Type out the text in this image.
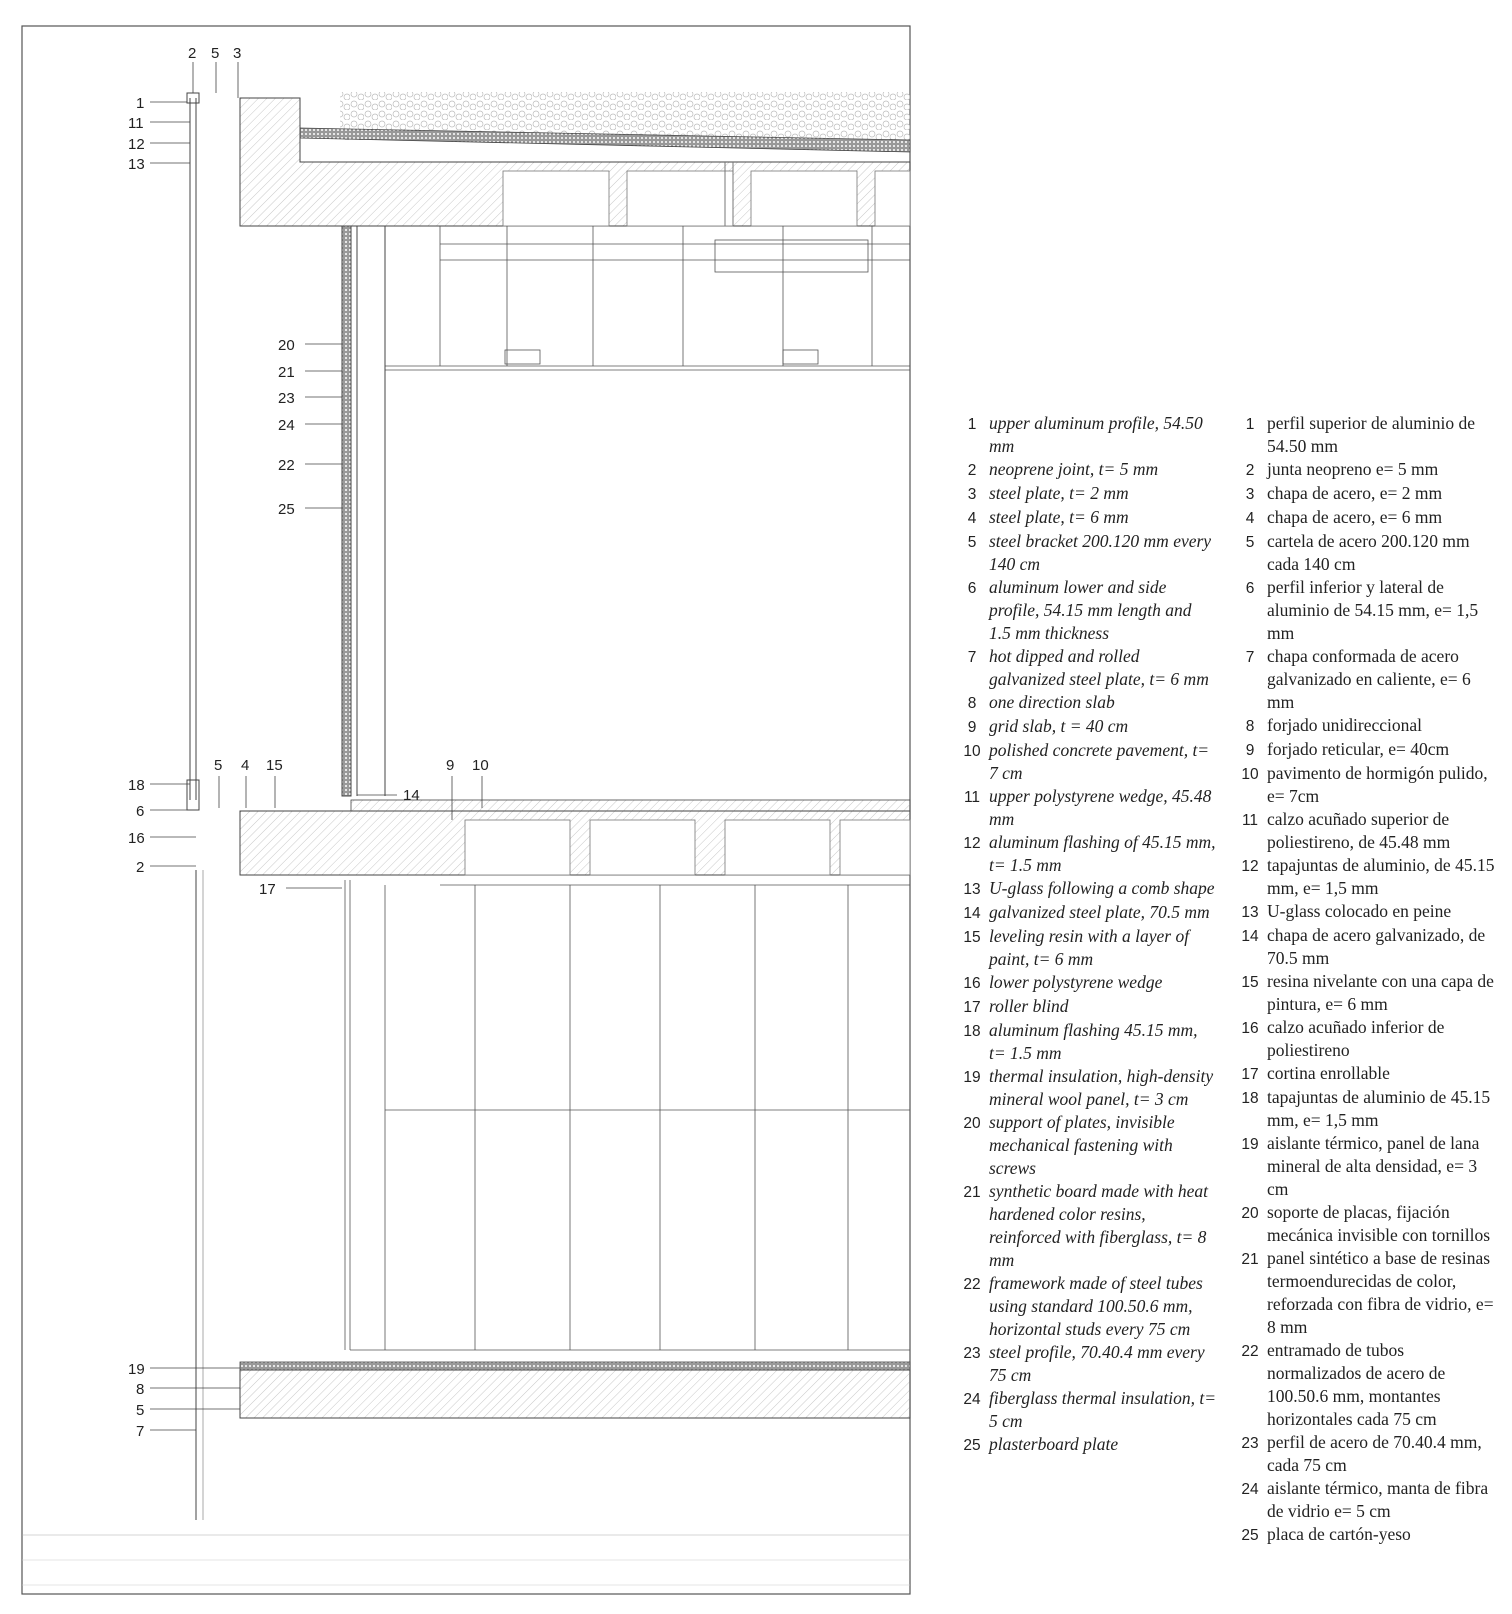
2 5 3
1
11
12
13
20
21
23
24
22
25
5 4 15	9 10
14
18
6
16
2
17
19
8
5
7
1 upper aluminum profile, 54.50 mm
2 neoprene joint, t= 5 mm
3 steel plate, t= 2 mm
4 steel plate, t= 6 mm
5 steel bracket 200.120 mm every 140 cm
6 aluminum lower and side profile, 54.15 mm length and 1.5 mm thickness
7 hot dipped and rolled galvanized steel plate, t= 6 mm
8 one direction slab
9 grid slab, t = 40 cm
10 polished concrete pavement, t= 7 cm
11 upper polystyrene wedge, 45.48 mm
12 aluminum flashing of 45.15 mm, t= 1.5 mm
13 U-glass following a comb shape
14 galvanized steel plate, 70.5 mm
15 leveling resin with a layer of paint, t= 6 mm
16 lower polystyrene wedge
17 roller blind
18 aluminum flashing 45.15 mm, t= 1.5 mm
19 thermal insulation, high-density mineral wool panel, t= 3 cm
20 support of plates, invisible mechanical fastening with screws
21 synthetic board made with heat hardened color resins, reinforced with fiberglass, t= 8 mm
22 framework made of steel tubes using standard 100.50.6 mm, horizontal studs every 75 cm
23 steel profile, 70.40.4 mm every 75 cm
24 fiberglass thermal insulation, t= 5 cm
25 plasterboard plate
1 perfil superior de aluminio de 54.50 mm
2 junta neopreno e= 5 mm
3 chapa de acero, e= 2 mm
4 chapa de acero, e= 6 mm
5 cartela de acero 200.120 mm cada 140 cm
6 perfil inferior y lateral de aluminio de 54.15 mm, e= 1,5 mm
7 chapa conformada de acero galvanizado en caliente, e= 6 mm
8 forjado unidireccional
9 forjado reticular, e= 40cm
10 pavimento de hormigón pulido, e= 7cm
11 calzo acuñado superior de poliestireno, de 45.48 mm
12 tapajuntas de aluminio, de 45.15 mm, e= 1,5 mm
13 U-glass colocado en peine
14 chapa de acero galvanizado, de 70.5 mm
15 resina nivelante con una capa de pintura, e= 6 mm
16 calzo acuñado inferior de poliestireno
17 cortina enrollable
18 tapajuntas de aluminio de 45.15 mm, e= 1,5 mm
19 aislante térmico, panel de lana mineral de alta densidad, e= 3 cm
20 soporte de placas, fijación mecánica invisible con tornillos
21 panel sintético a base de resinas termoendurecidas de color, reforzada con fibra de vidrio, e= 8 mm
22 entramado de tubos normalizados de acero de 100.50.6 mm, montantes horizontales cada 75 cm
23 perfil de acero de 70.40.4 mm, cada 75 cm
24 aislante térmico, manta de fibra de vidrio e= 5 cm
25 placa de cartón-yeso
